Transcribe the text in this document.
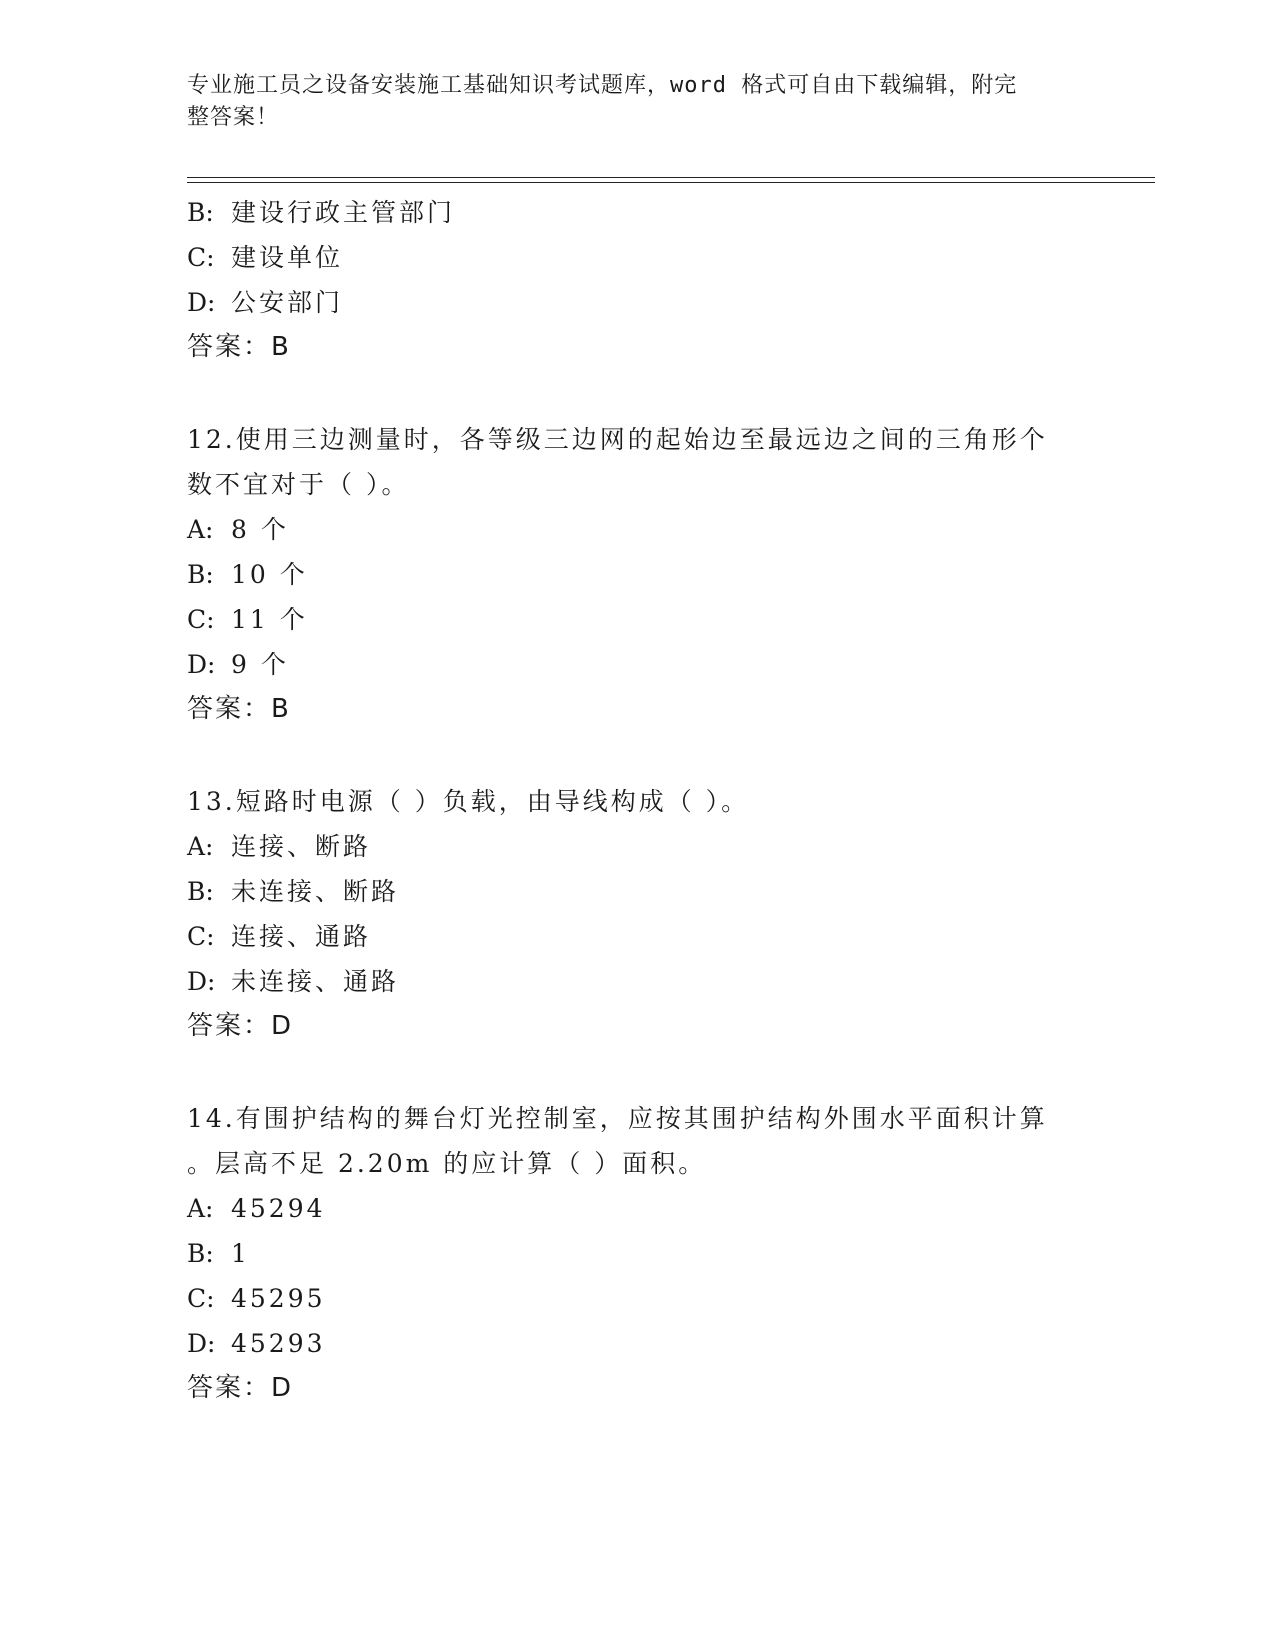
专业施工员之设备安装施工基础知识考试题库，word 格式可自由下载编辑，附完
整答案！
B: 建设行政主管部门
C: 建设单位
D: 公安部门
答案：B
12.使用三边测量时，各等级三边网的起始边至最远边之间的三角形个
数不宜对于（ ）。
A: 8 个
B: 10 个
C: 11 个
D: 9 个
答案：B
13.短路时电源（ ）负载，由导线构成（ ）。
A: 连接、断路
B: 未连接、断路
C: 连接、通路
D: 未连接、通路
答案：D
14.有围护结构的舞台灯光控制室，应按其围护结构外围水平面积计算
。层高不足 2.20m 的应计算（ ）面积。
A: 45294
B: 1
C: 45295
D: 45293
答案：D
